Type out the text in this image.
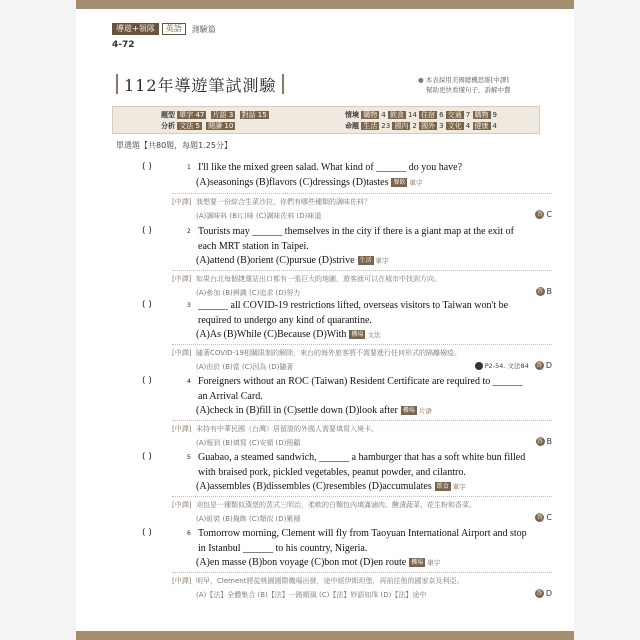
導遊+領隊	英語	測驗篇
4-72
112年導遊筆試測驗	● 本表採用美國總機思維[中譯]
幫助更快看懂句子，訴解中費
題型 單字 47 片語 3 對話 15
分析 文法 5 閱讀 10
情境 購物 4 飲食 14 住宿 6 交通 7 購物 9
命題 生活 23 國內 2 國外 3 文化 4 健康 4
單選題【共80題，每題1.25分】
( )	1 I'll like the mixed green salad. What kind of ______ do you have?
(A)seasonings (B)flavors (C)dressings (D)tastes 餐飲 單字
[中譯] 我想要一份綜合生菜沙拉，你們有哪些種類的調味佐料？
(A)調味料 (B)口味 (C)調味佐料 (D)味道	答 C
( )	2 Tourists may ______ themselves in the city if there is a giant map at the exit of each MRT station in Taipei.
(A)attend (B)orient (C)pursue (D)strive 生活 單字
[中譯] 如果台北每個捷運站出口都有一張巨大的地圖，遊客就可以在城市中找到方向。
(A)參加 (B)辨識 (C)追求 (D)努力	答 B
( )	3 ______ all COVID-19 restrictions lifted, overseas visitors to Taiwan won't be required to undergo any kind of quarantine.
(A)As (B)While (C)Because (D)With 機場 文法
[中譯] 隨著COVID-19相關限制的解除，來台的海外旅客將不需要進行任何形式的隔離檢疫。
(A)由於 (B)當 (C)因為 (D)隨著	P2-54. 文法84 答 D
( )	4 Foreigners without an ROC (Taiwan) Resident Certificate are required to ______ an Arrival Card.
(A)check in (B)fill in (C)settle down (D)look after 機場 片語
[中譯] 未持有中華民國（台灣）居留證的外國人需要填寫入境卡。
(A)報到 (B)填寫 (C)安頓 (D)照顧	答 B
( )	5 Guabao, a steamed sandwich, ______ a hamburger that has a soft white bun filled with braised pork, pickled vegetables, peanut powder, and cilantro.
(A)assembles (B)dissembles (C)resembles (D)accumulates 飲食 單字
[中譯] 刈包是一種類似漢堡的蒸式三明治，柔軟的白麵包內填滿滷肉、醃漬蔬菜、花生粉和香菜。
(A)組裝 (B)掩飾 (C)類似 (D)累積	答 C
( )	6 Tomorrow morning, Clement will fly from Taoyuan International Airport and stop in Istanbul ______ to his country, Nigeria.
(A)en masse (B)bon voyage (C)bon mot (D)en route 機場 單字
[中譯] 明早，Clement將從桃園國際機場出發，途中經伊斯坦堡，再前往他的國家奈及利亞。
(A)【法】全體集合 (B)【法】一路順風 (C)【法】妙語如珠 (D)【法】途中	答 D
